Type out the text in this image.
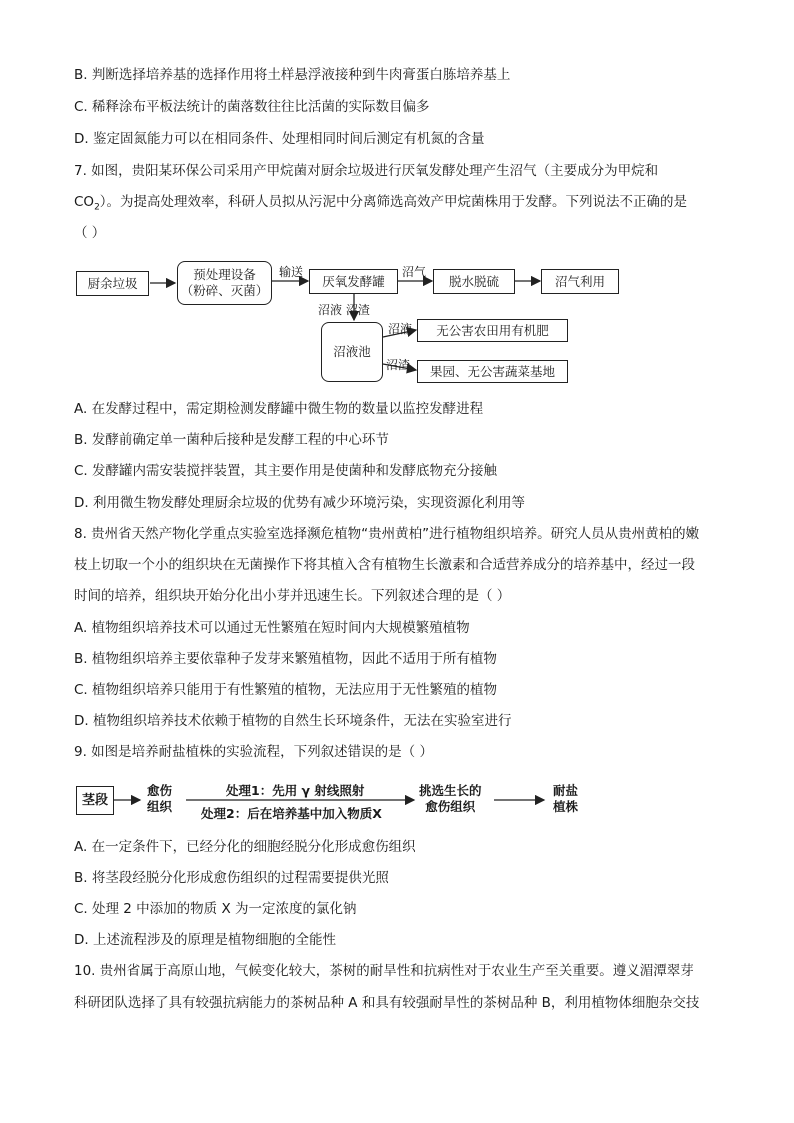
B. 判断选择培养基的选择作用将土样悬浮液接种到牛肉膏蛋白胨培养基上
C. 稀释涂布平板法统计的菌落数往往比活菌的实际数目偏多
D. 鉴定固氮能力可以在相同条件、处理相同时间后测定有机氮的含量
7. 如图，贵阳某环保公司采用产甲烷菌对厨余垃圾进行厌氧发酵处理产生沼气（主要成分为甲烷和
$CO_2$）。为提高处理效率，科研人员拟从污泥中分离筛选高效产甲烷菌株用于发酵。下列说法不正确的是
（ ）
厨余垃圾
预处理设备
（粉碎、灭菌）
输送
厌氧发酵罐
沼气
脱水脱硫	沼气利用
沼液 沼渣
沼液池
沼液	无公害农田用有机肥
沼渣	果园、无公害蔬菜基地
A. 在发酵过程中，需定期检测发酵罐中微生物的数量以监控发酵进程
B. 发酵前确定单一菌种后接种是发酵工程的中心环节
C. 发酵罐内需安装搅拌装置，其主要作用是使菌种和发酵底物充分接触
D. 利用微生物发酵处理厨余垃圾的优势有减少环境污染，实现资源化利用等
8. 贵州省天然产物化学重点实验室选择濒危植物“贵州黄柏”进行植物组织培养。研究人员从贵州黄柏的嫩
枝上切取一个小的组织块在无菌操作下将其植入含有植物生长激素和合适营养成分的培养基中，经过一段
时间的培养，组织块开始分化出小芽并迅速生长。下列叙述合理的是（ ）
A. 植物组织培养技术可以通过无性繁殖在短时间内大规模繁殖植物
B. 植物组织培养主要依靠种子发芽来繁殖植物，因此不适用于所有植物
C. 植物组织培养只能用于有性繁殖的植物，无法应用于无性繁殖的植物
D. 植物组织培养技术依赖于植物的自然生长环境条件，无法在实验室进行
9. 如图是培养耐盐植株的实验流程，下列叙述错误的是（ ）
茎段
愈伤
组织
处理1：先用 γ 射线照射
处理2：后在培养基中加入物质X
挑选生长的
愈伤组织
耐盐
植株
A. 在一定条件下，已经分化的细胞经脱分化形成愈伤组织
B. 将茎段经脱分化形成愈伤组织的过程需要提供光照
C. 处理 2 中添加的物质 X 为一定浓度的氯化钠
D. 上述流程涉及的原理是植物细胞的全能性
10. 贵州省属于高原山地，气候变化较大，茶树的耐旱性和抗病性对于农业生产至关重要。遵义湄潭翠芽
科研团队选择了具有较强抗病能力的茶树品种 A 和具有较强耐旱性的茶树品种 B，利用植物体细胞杂交技
